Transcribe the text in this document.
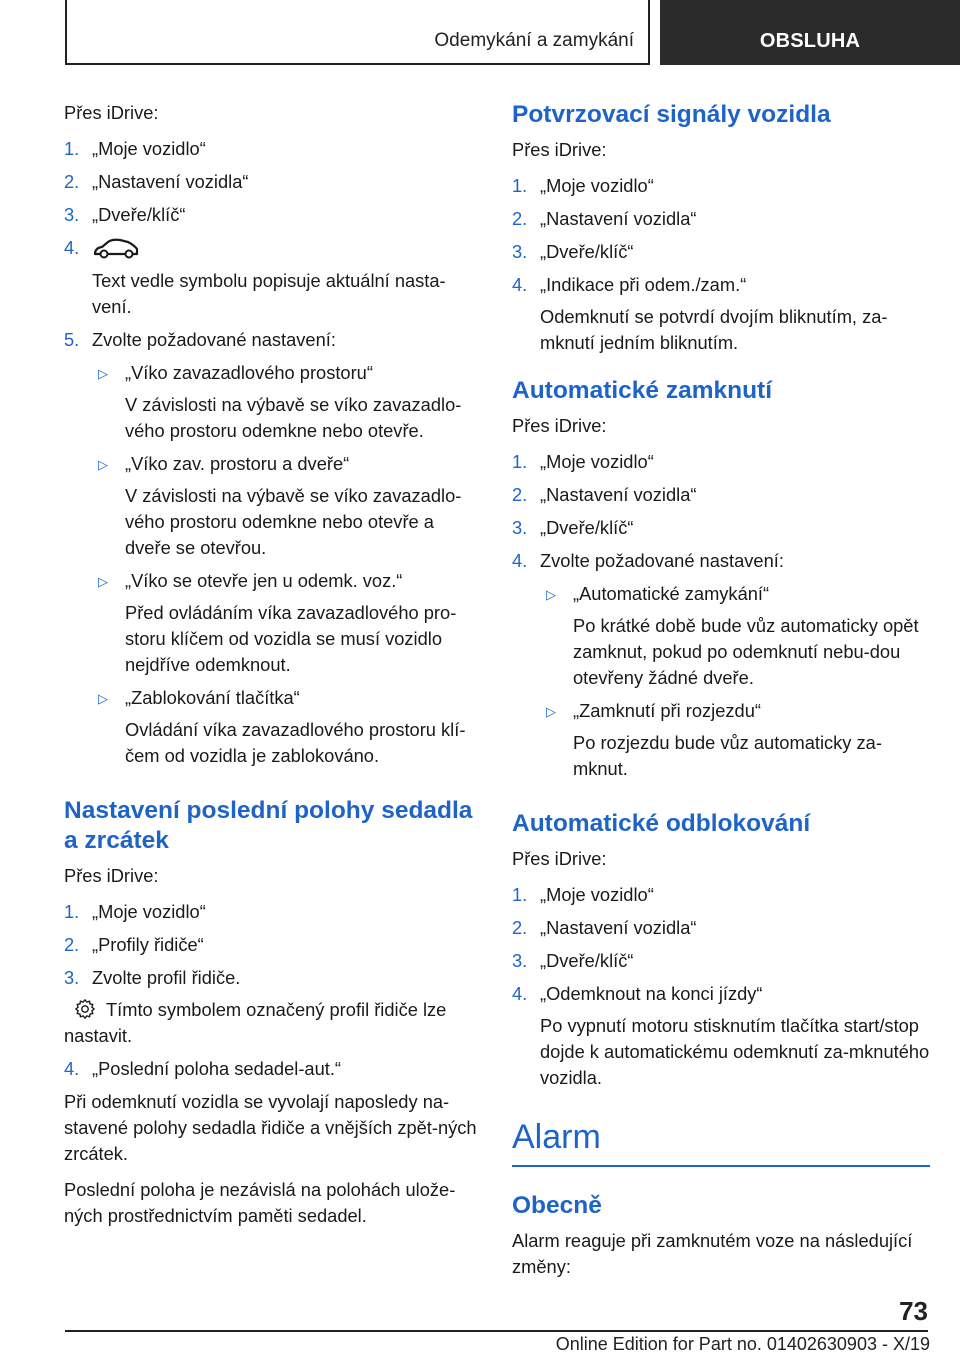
Odemykání a zamykání	OBSLUHA

Přes iDrive:

1. „Moje vozidlo“
2. „Nastavení vozidla“
3. „Dveře/klíč“
4.

Text vedle symbolu popisuje aktuální nasta-vení.

5. Zvolte požadované nastavení:
▷ „Víko zavazadlového prostoru“

V závislosti na výbavě se víko zavazadlo-vého prostoru odemkne nebo otevře.

▷ „Víko zav. prostoru a dveře“

V závislosti na výbavě se víko zavazadlo-vého prostoru odemkne nebo otevře a dveře se otevřou.

▷ „Víko se otevře jen u odemk. voz.“

Před ovládáním víka zavazadlového pro-storu klíčem od vozidla se musí vozidlo nejdříve odemknout.

▷ „Zablokování tlačítka“

Ovládání víka zavazadlového prostoru klí-čem od vozidla je zablokováno.

Nastavení poslední polohy sedadla a zrcátek

Přes iDrive:

1. „Moje vozidlo“
2. „Profily řidiče“
3. Zvolte profil řidiče.

Tímto symbolem označený profil řidiče lze nastavit.

4. „Poslední poloha sedadel-aut.“

Při odemknutí vozidla se vyvolají naposledy na-stavené polohy sedadla řidiče a vnějších zpět-ných zrcátek.

Poslední poloha je nezávislá na polohách ulože-ných prostřednictvím paměti sedadel.

Potvrzovací signály vozidla

Přes iDrive:

1. „Moje vozidlo“
2. „Nastavení vozidla“
3. „Dveře/klíč“
4. „Indikace při odem./zam.“

Odemknutí se potvrdí dvojím bliknutím, za-mknutí jedním bliknutím.

Automatické zamknutí

Přes iDrive:

1. „Moje vozidlo“
2. „Nastavení vozidla“
3. „Dveře/klíč“
4. Zvolte požadované nastavení:
▷ „Automatické zamykání“

Po krátké době bude vůz automaticky opět zamknut, pokud po odemknutí nebu-dou otevřeny žádné dveře.

▷ „Zamknutí při rozjezdu“

Po rozjezdu bude vůz automaticky za-mknut.

Automatické odblokování

Přes iDrive:

1. „Moje vozidlo“
2. „Nastavení vozidla“
3. „Dveře/klíč“
4. „Odemknout na konci jízdy“

Po vypnutí motoru stisknutím tlačítka start/stop dojde k automatickému odemknutí za-mknutého vozidla.

Alarm
Obecně

Alarm reaguje při zamknutém voze na následující změny:

73
Online Edition for Part no. 01402630903 - X/19
